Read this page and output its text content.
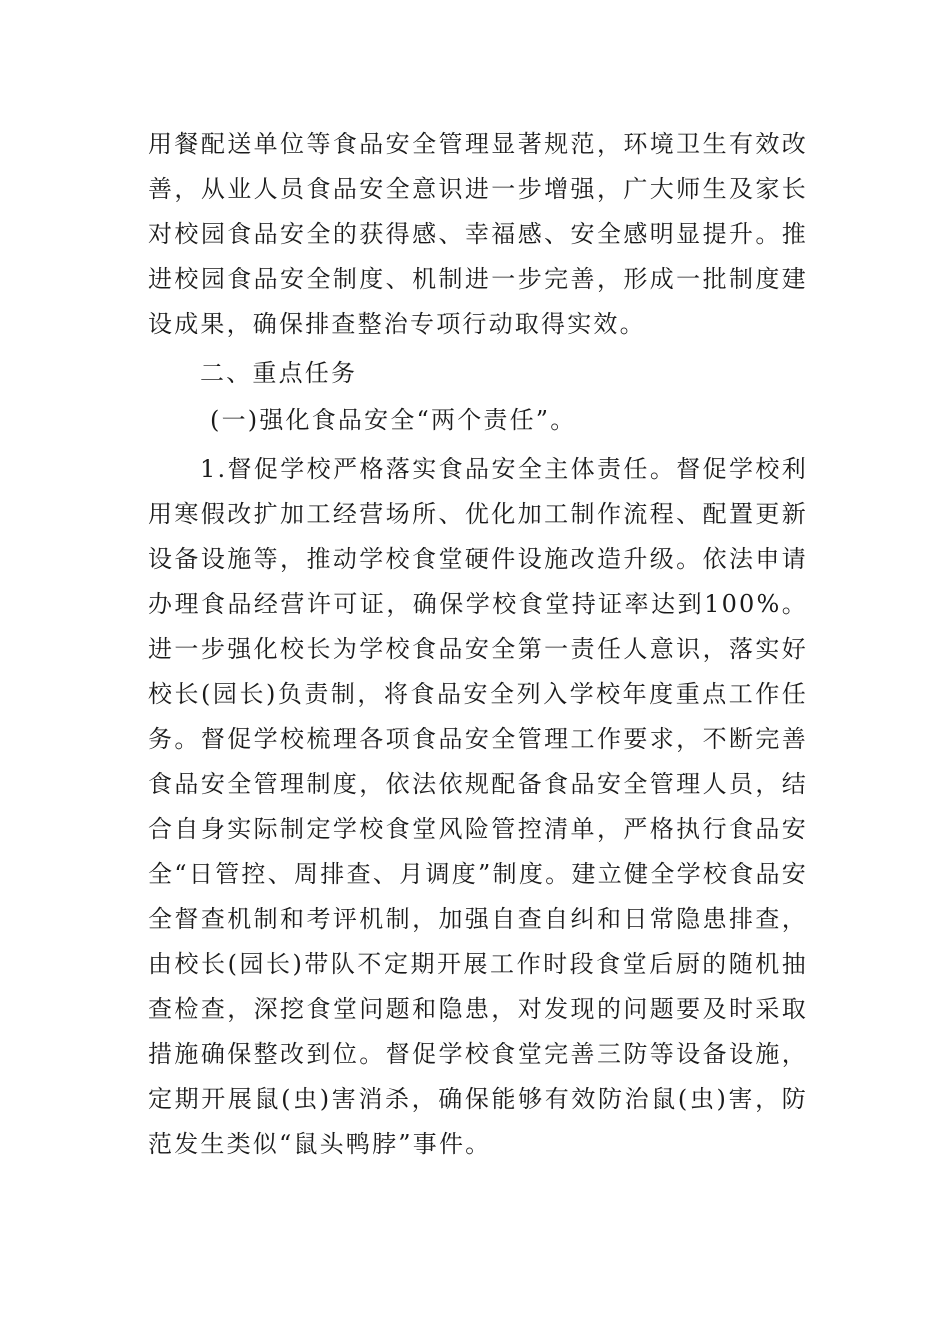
用餐配送单位等食品安全管理显著规范，环境卫生有效改善，从业人员食品安全意识进一步增强，广大师生及家长对校园食品安全的获得感、幸福感、安全感明显提升。推进校园食品安全制度、机制进一步完善，形成一批制度建设成果，确保排查整治专项行动取得实效。

二、重点任务

(一)强化食品安全“两个责任”。

1.督促学校严格落实食品安全主体责任。督促学校利用寒假改扩加工经营场所、优化加工制作流程、配置更新设备设施等，推动学校食堂硬件设施改造升级。依法申请办理食品经营许可证，确保学校食堂持证率达到100%。进一步强化校长为学校食品安全第一责任人意识，落实好校长(园长)负责制，将食品安全列入学校年度重点工作任务。督促学校梳理各项食品安全管理工作要求，不断完善食品安全管理制度，依法依规配备食品安全管理人员，结合自身实际制定学校食堂风险管控清单，严格执行食品安全“日管控、周排查、月调度”制度。建立健全学校食品安全督查机制和考评机制，加强自查自纠和日常隐患排查，由校长(园长)带队不定期开展工作时段食堂后厨的随机抽查检查，深挖食堂问题和隐患，对发现的问题要及时采取措施确保整改到位。督促学校食堂完善三防等设备设施，定期开展鼠(虫)害消杀，确保能够有效防治鼠(虫)害，防范发生类似“鼠头鸭脖”事件。
